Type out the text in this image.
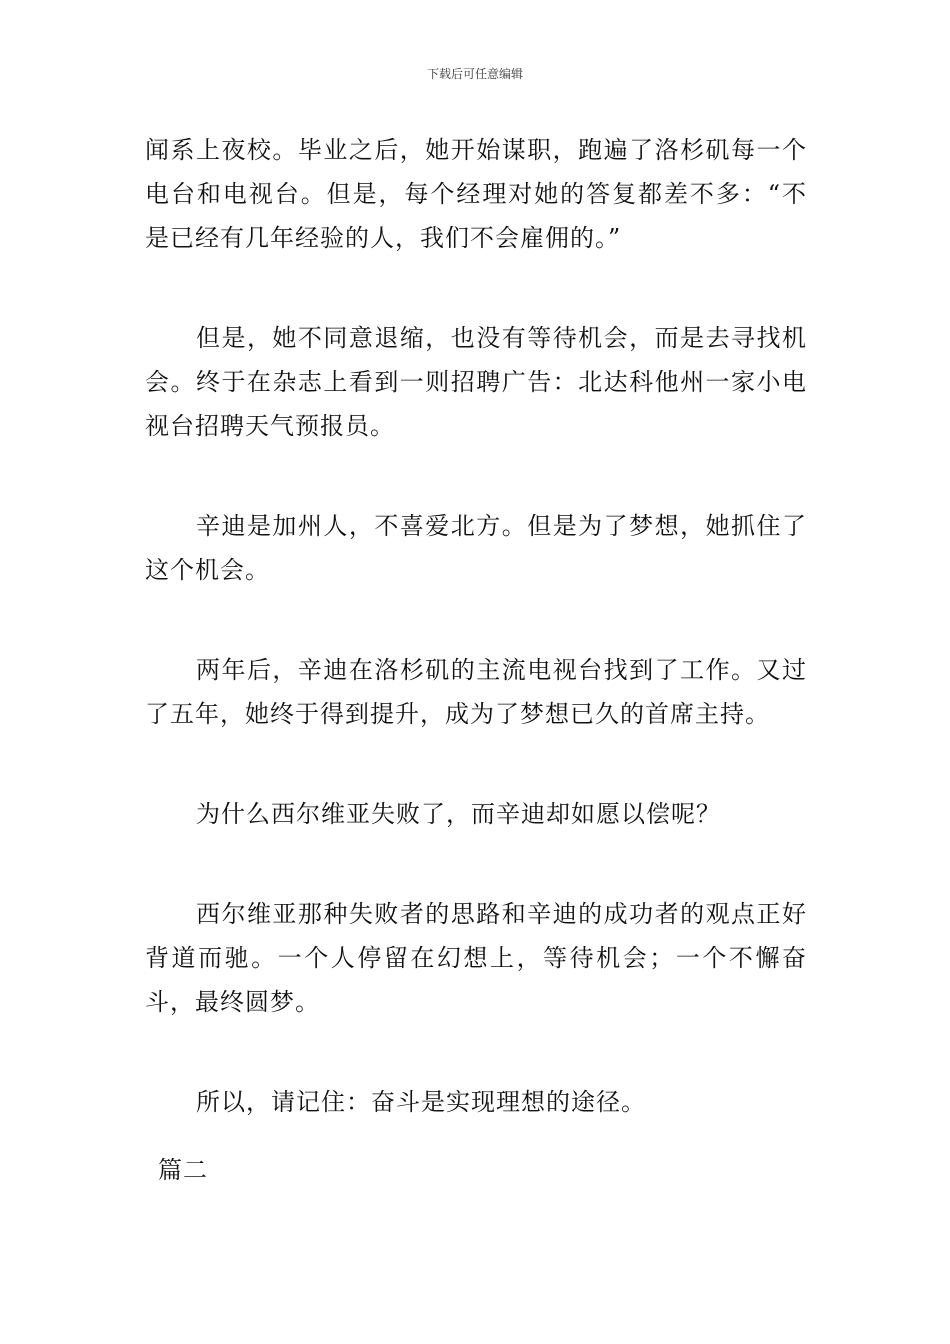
下载后可任意编辑

闻系上夜校。毕业之后，她开始谋职，跑遍了洛杉矶每一个电台和电视台。但是，每个经理对她的答复都差不多：“不是已经有几年经验的人，我们不会雇佣的。”

但是，她不同意退缩，也没有等待机会，而是去寻找机会。终于在杂志上看到一则招聘广告：北达科他州一家小电视台招聘天气预报员。

辛迪是加州人，不喜爱北方。但是为了梦想，她抓住了这个机会。

两年后，辛迪在洛杉矶的主流电视台找到了工作。又过了五年，她终于得到提升，成为了梦想已久的首席主持。

为什么西尔维亚失败了，而辛迪却如愿以偿呢？

西尔维亚那种失败者的思路和辛迪的成功者的观点正好背道而驰。一个人停留在幻想上，等待机会；一个不懈奋斗，最终圆梦。

所以，请记住：奋斗是实现理想的途径。

篇二
